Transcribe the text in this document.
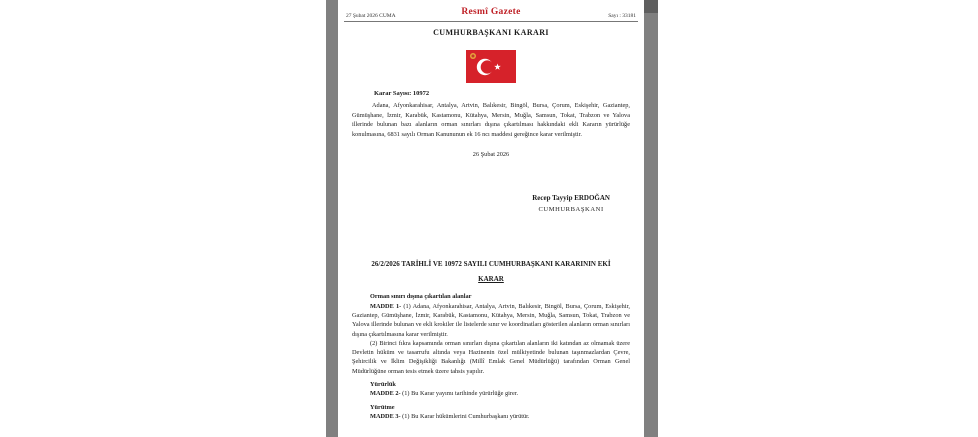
27 Şubat 2026 CUMA	Resmî Gazete	Sayı : 33181
CUMHURBAŞKANI KARARI
Karar Sayısı: 10972

Adana, Afyonkarahisar, Antalya, Artvin, Balıkesir, Bingöl, Bursa, Çorum, Eskişehir, Gaziantep, Gümüşhane, İzmir, Karabük, Kastamonu, Kütahya, Mersin, Muğla, Samsun, Tokat, Trabzon ve Yalova illerinde bulunan bazı alanların orman sınırları dışına çıkartılması hakkındaki ekli Kararın yürürlüğe konulmasına, 6831 sayılı Orman Kanununun ek 16 ncı maddesi gereğince karar verilmiştir.

26 Şubat 2026
Recep Tayyip ERDOĞAN
CUMHURBAŞKANI
26/2/2026 TARİHLİ VE 10972 SAYILI CUMHURBAŞKANI KARARININ EKİ
KARAR

Orman sınırı dışına çıkartılan alanlar

MADDE 1- (1) Adana, Afyonkarahisar, Antalya, Artvin, Balıkesir, Bingöl, Bursa, Çorum, Eskişehir, Gaziantep, Gümüşhane, İzmir, Karabük, Kastamonu, Kütahya, Mersin, Muğla, Samsun, Tokat, Trabzon ve Yalova illerinde bulunan ve ekli krokiler ile listelerde sınır ve koordinatları gösterilen alanların orman sınırları dışına çıkartılmasına karar verilmiştir.

(2) Birinci fıkra kapsamında orman sınırları dışına çıkartılan alanların iki katından az olmamak üzere Devletin hüküm ve tasarrufu altında veya Hazinenin özel mülkiyetinde bulunan taşınmazlardan Çevre, Şehircilik ve İklim Değişikliği Bakanlığı (Millî Emlak Genel Müdürlüğü) tarafından Orman Genel Müdürlüğüne orman tesis etmek üzere tahsis yapılır.

Yürürlük

MADDE 2- (1) Bu Karar yayımı tarihinde yürürlüğe girer.

Yürütme

MADDE 3- (1) Bu Karar hükümlerini Cumhurbaşkanı yürütür.
